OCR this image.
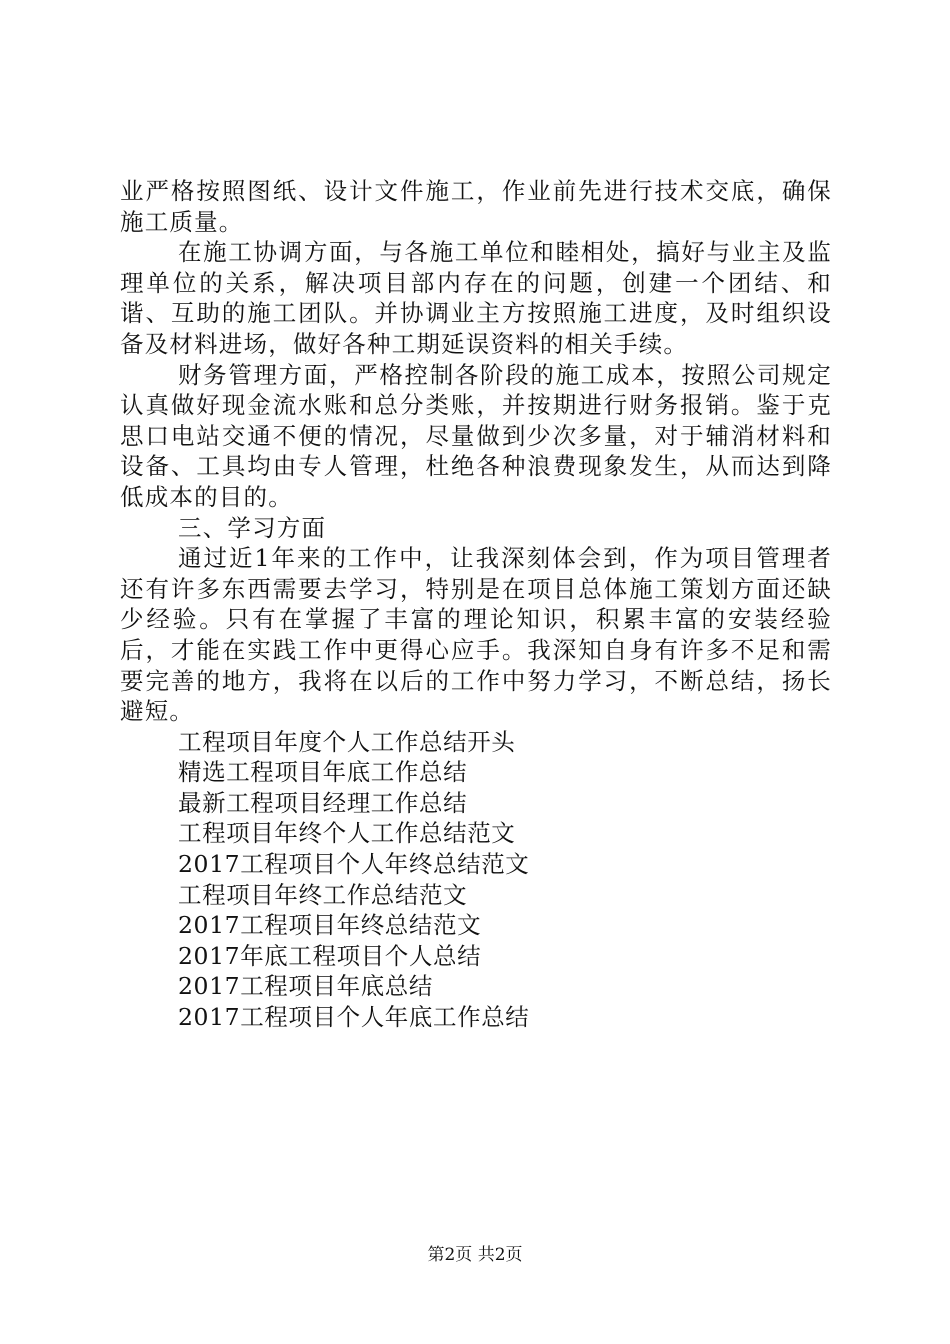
业严格按照图纸、设计文件施工，作业前先进行技术交底，确保施工质量。

在施工协调方面，与各施工单位和睦相处，搞好与业主及监理单位的关系，解决项目部内存在的问题，创建一个团结、和谐、互助的施工团队。并协调业主方按照施工进度，及时组织设备及材料进场，做好各种工期延误资料的相关手续。

财务管理方面，严格控制各阶段的施工成本，按照公司规定认真做好现金流水账和总分类账，并按期进行财务报销。鉴于克思口电站交通不便的情况，尽量做到少次多量，对于辅消材料和设备、工具均由专人管理，杜绝各种浪费现象发生，从而达到降低成本的目的。

三、学习方面

通过近1年来的工作中，让我深刻体会到，作为项目管理者还有许多东西需要去学习，特别是在项目总体施工策划方面还缺少经验。只有在掌握了丰富的理论知识，积累丰富的安装经验后，才能在实践工作中更得心应手。我深知自身有许多不足和需要完善的地方，我将在以后的工作中努力学习，不断总结，扬长避短。

工程项目年度个人工作总结开头
精选工程项目年底工作总结
最新工程项目经理工作总结
工程项目年终个人工作总结范文
2017工程项目个人年终总结范文
工程项目年终工作总结范文
2017工程项目年终总结范文
2017年底工程项目个人总结
2017工程项目年底总结
2017工程项目个人年底工作总结
第2页 共2页
